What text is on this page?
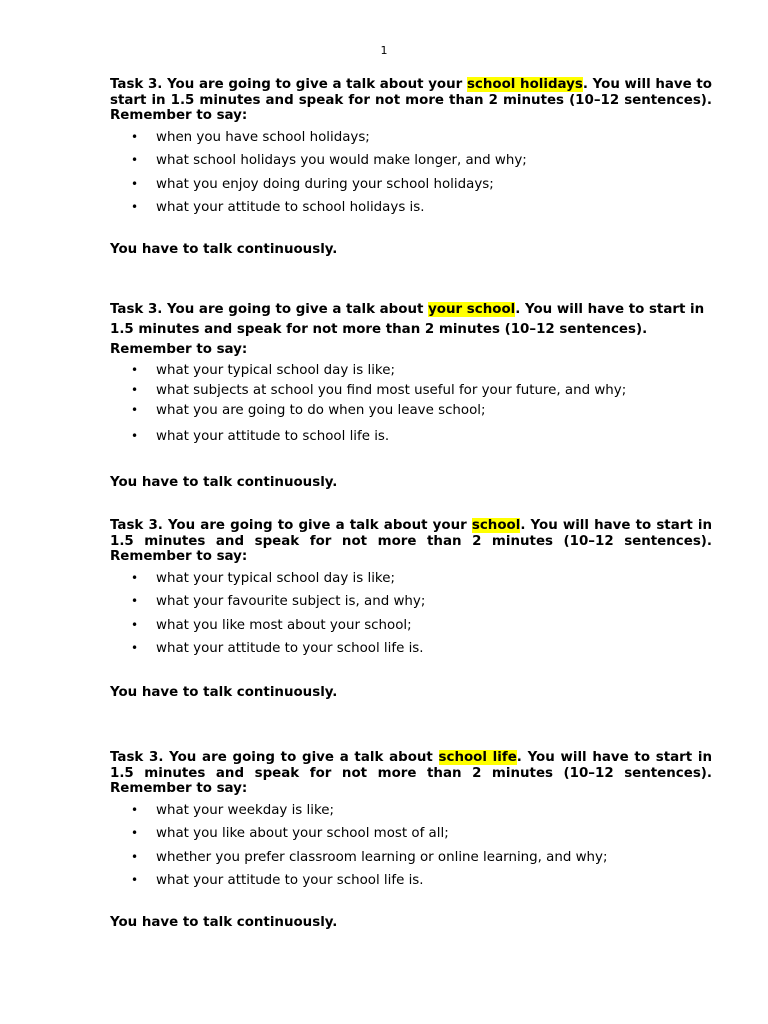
1

Task 3. You are going to give a talk about your school holidays. You will have to start in 1.5 minutes and speak for not more than 2 minutes (10–12 sentences). Remember to say:

• when you have school holidays;
• what school holidays you would make longer, and why;
• what you enjoy doing during your school holidays;
• what your attitude to school holidays is.

You have to talk continuously.

Task 3. You are going to give a talk about your school. You will have to start in 1.5 minutes and speak for not more than 2 minutes (10–12 sentences). Remember to say:

• what your typical school day is like;
• what subjects at school you find most useful for your future, and why;
• what you are going to do when you leave school;
• what your attitude to school life is.

You have to talk continuously.

Task 3. You are going to give a talk about your school. You will have to start in 1.5 minutes and speak for not more than 2 minutes (10–12 sentences). Remember to say:

• what your typical school day is like;
• what your favourite subject is, and why;
• what you like most about your school;
• what your attitude to your school life is.

You have to talk continuously.

Task 3. You are going to give a talk about school life. You will have to start in 1.5 minutes and speak for not more than 2 minutes (10–12 sentences). Remember to say:

• what your weekday is like;
• what you like about your school most of all;
• whether you prefer classroom learning or online learning, and why;
• what your attitude to your school life is.

You have to talk continuously.
